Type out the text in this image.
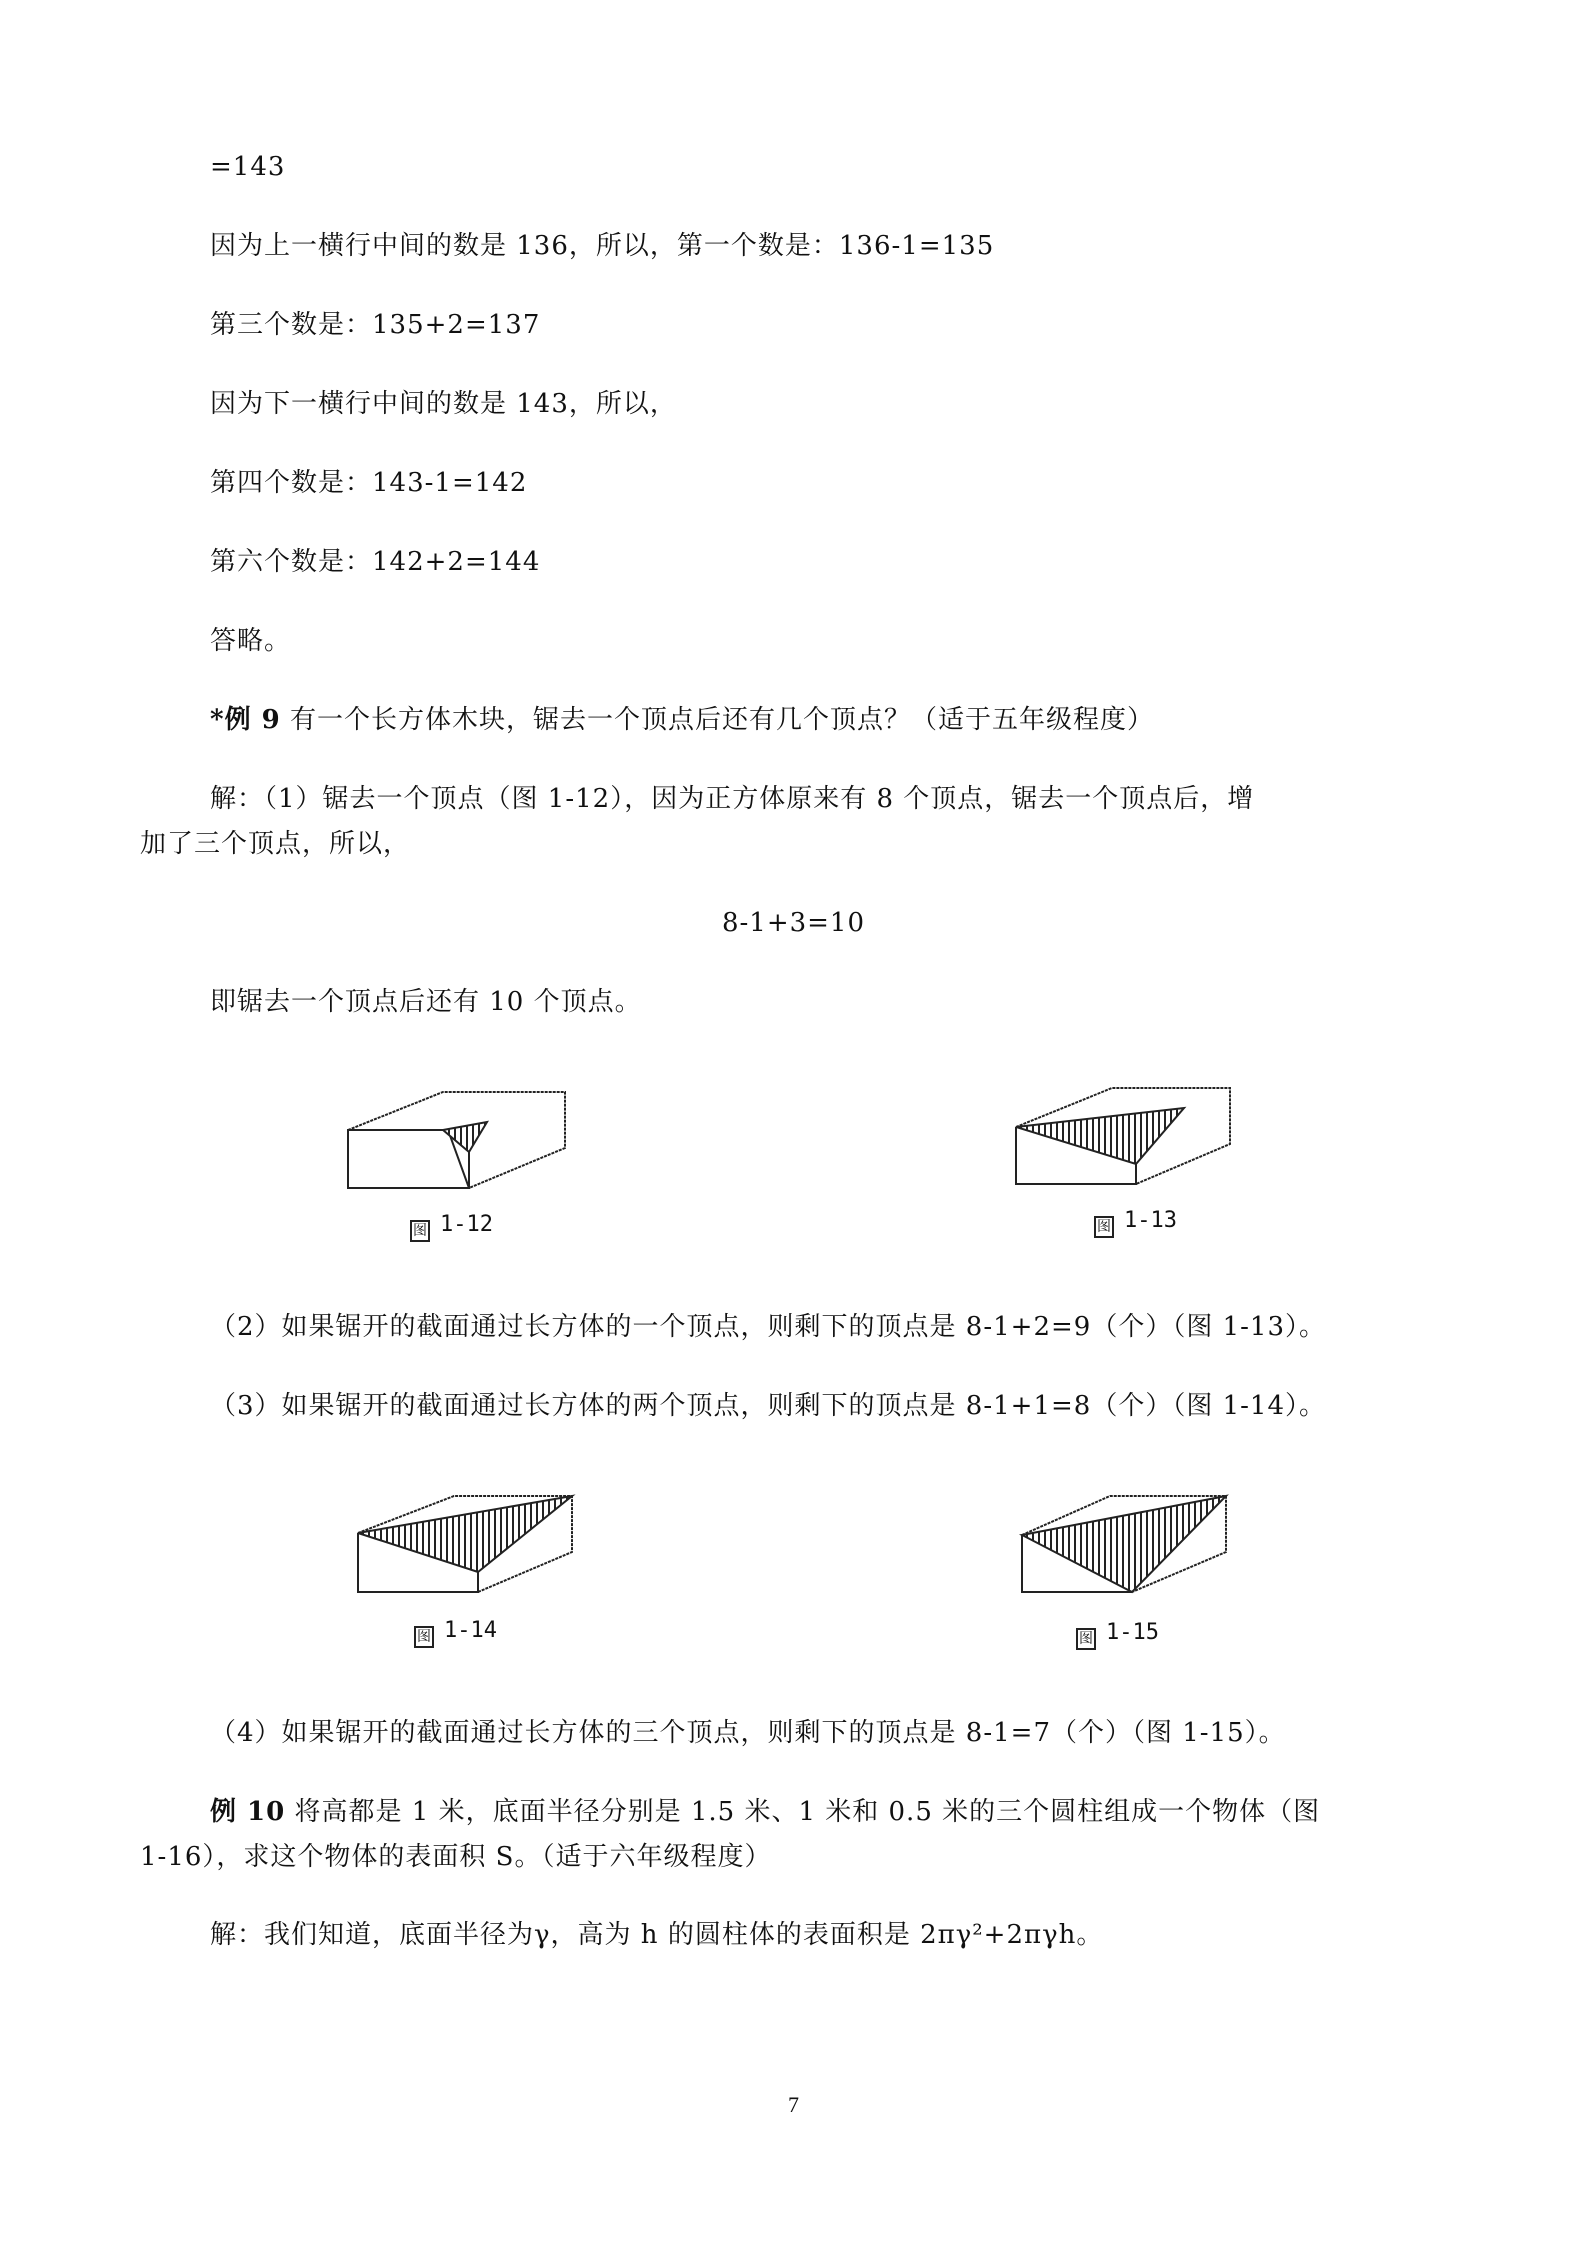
=143
因为上一横行中间的数是 136，所以，第一个数是：136-1=135
第三个数是：135+2=137
因为下一横行中间的数是 143，所以，
第四个数是：143-1=142
第六个数是：142+2=144
答略。
*例 9 有一个长方体木块，锯去一个顶点后还有几个顶点？（适于五年级程度）
解：（1）锯去一个顶点（图 1-12），因为正方体原来有 8 个顶点，锯去一个顶点后，增
加了三个顶点，所以，
8-1+3=10
即锯去一个顶点后还有 10 个顶点。
图 1-12	图 1-13
（2）如果锯开的截面通过长方体的一个顶点，则剩下的顶点是 8-1+2=9（个）（图 1-13）。
（3）如果锯开的截面通过长方体的两个顶点，则剩下的顶点是 8-1+1=8（个）（图 1-14）。
图 1-14	图 1-15
（4）如果锯开的截面通过长方体的三个顶点，则剩下的顶点是 8-1=7（个）（图 1-15）。
例 10 将高都是 1 米，底面半径分别是 1.5 米、1 米和 0.5 米的三个圆柱组成一个物体（图
1-16），求这个物体的表面积 S。（适于六年级程度）
解：我们知道，底面半径为γ，高为 h 的圆柱体的表面积是 2πγ²+2πγh。
7
